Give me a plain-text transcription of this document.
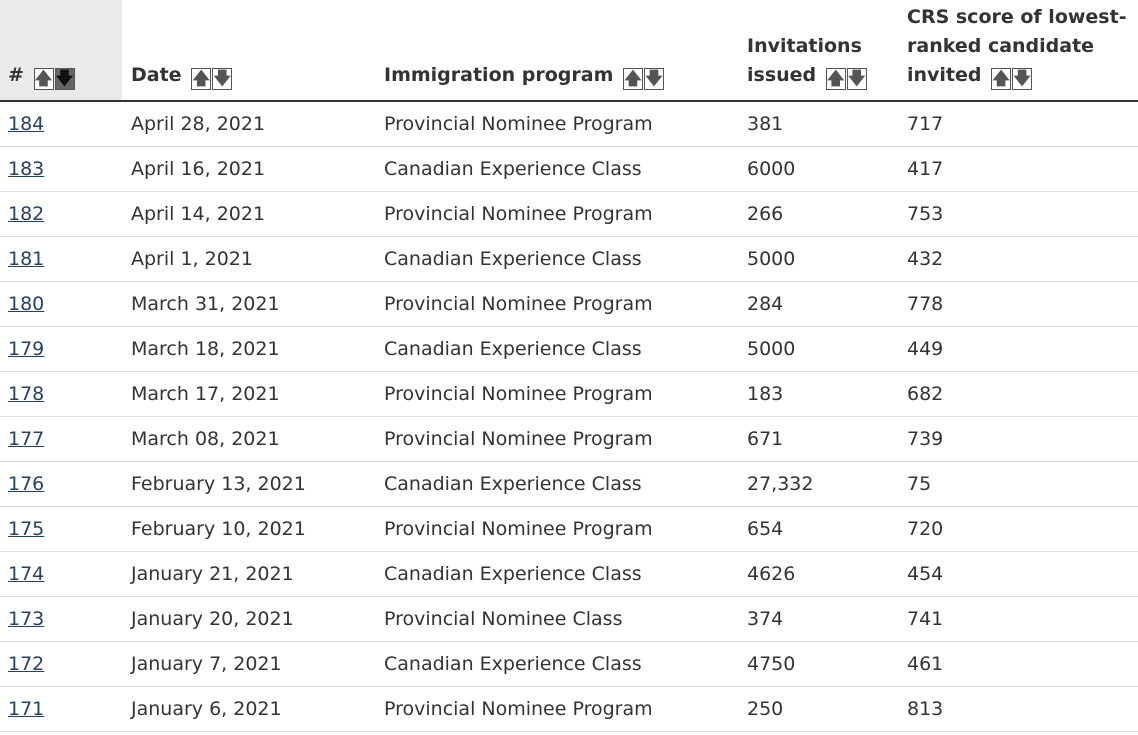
# 🡅 🡇	Date 🡅 🡇	Immigration program 🡅 🡇	Invitations
issued 🡅 🡇	CRS score of lowest-
ranked candidate
invited 🡅 🡇

184	April 28, 2021	Provincial Nominee Program	381	717
183	April 16, 2021	Canadian Experience Class	6000	417
182	April 14, 2021	Provincial Nominee Program	266	753
181	April 1, 2021	Canadian Experience Class	5000	432
180	March 31, 2021	Provincial Nominee Program	284	778
179	March 18, 2021	Canadian Experience Class	5000	449
178	March 17, 2021	Provincial Nominee Program	183	682
177	March 08, 2021	Provincial Nominee Program	671	739
176	February 13, 2021	Canadian Experience Class	27,332	75
175	February 10, 2021	Provincial Nominee Program	654	720
174	January 21, 2021	Canadian Experience Class	4626	454
173	January 20, 2021	Provincial Nominee Class	374	741
172	January 7, 2021	Canadian Experience Class	4750	461
171	January 6, 2021	Provincial Nominee Program	250	813
